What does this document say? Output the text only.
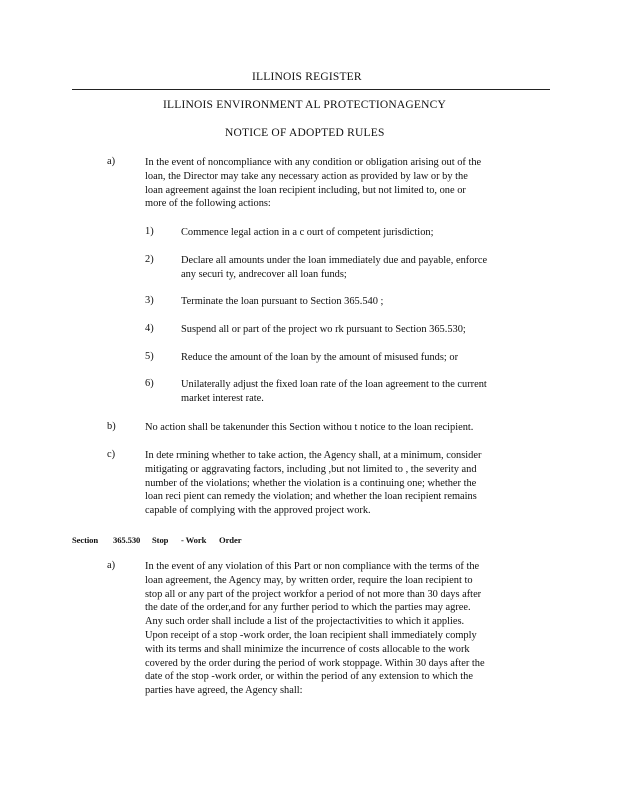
ILLINOIS REGISTER
ILLINOIS ENVIRONMENT AL PROTECTIONAGENCY
NOTICE OF ADOPTED RULES
a)	In the event of noncompliance with any condition or obligation arising out of the
loan, the Director may take any necessary action as provided by law or by the
loan agreement against the loan recipient including, but not limited to, one or
more of the following actions:
1)	Commence legal action in a c ourt of competent jurisdiction;
2)	Declare all amounts under the loan immediately due and payable, enforce
any securi ty, andrecover all loan funds;
3)	Terminate the loan pursuant to Section 365.540 ;
4)	Suspend all or part of the project wo rk pursuant to Section 365.530;
5)	Reduce the amount of the loan by the amount of misused funds; or
6)	Unilaterally adjust the fixed loan rate of the loan agreement to the current
market interest rate.
b)	No action shall be takenunder this Section withou t notice to the loan recipient.
c)	In dete rmining whether to take action, the Agency shall, at a minimum, consider
mitigating or aggravating factors, including ,but not limited to , the severity and
number of the violations; whether the violation is a continuing one; whether the
loan reci pient can remedy the violation; and whether the loan recipient remains
capable of complying with the approved project work.
Section 365.530 Stop - Work Order
a)	In the event of any violation of this Part or non compliance with the terms of the
loan agreement, the Agency may, by written order, require the loan recipient to
stop all or any part of the project workfor a period of not more than 30 days after
the date of the order,and for any further period to which the parties may agree.
Any such order shall include a list of the projectactivities to which it applies.
Upon receipt of a stop -work order, the loan recipient shall immediately comply
with its terms and shall minimize the incurrence of costs allocable to the work
covered by the order during the period of work stoppage. Within 30 days after the
date of the stop -work order, or within the period of any extension to which the
parties have agreed, the Agency shall:
